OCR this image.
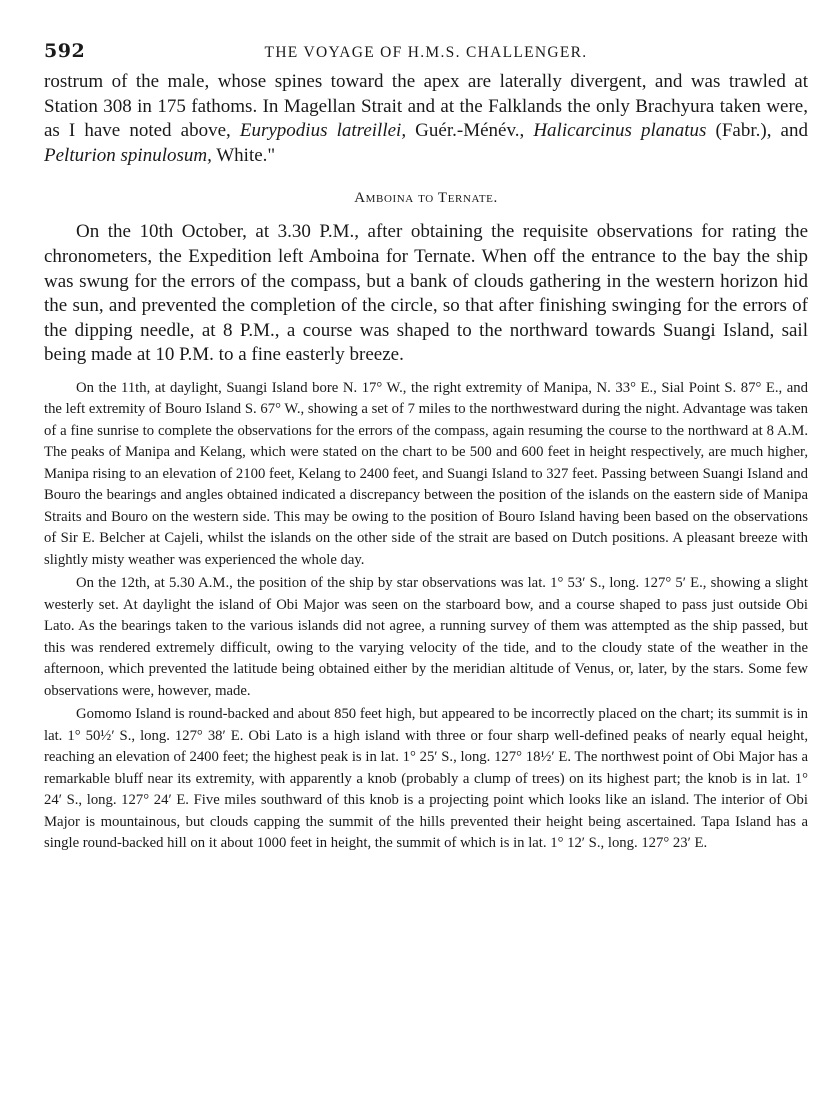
592	THE VOYAGE OF H.M.S. CHALLENGER.

rostrum of the male, whose spines toward the apex are laterally divergent, and was trawled at Station 308 in 175 fathoms. In Magellan Strait and at the Falklands the only Brachyura taken were, as I have noted above, Eurypodius latreillei, Guér.-Ménév., Halicarcinus planatus (Fabr.), and Pelturion spinulosum, White."

Amboina to Ternate.

On the 10th October, at 3.30 P.M., after obtaining the requisite observations for rating the chronometers, the Expedition left Amboina for Ternate. When off the entrance to the bay the ship was swung for the errors of the compass, but a bank of clouds gathering in the western horizon hid the sun, and prevented the completion of the circle, so that after finishing swinging for the errors of the dipping needle, at 8 P.M., a course was shaped to the northward towards Suangi Island, sail being made at 10 P.M. to a fine easterly breeze.

On the 11th, at daylight, Suangi Island bore N. 17° W., the right extremity of Manipa, N. 33° E., Sial Point S. 87° E., and the left extremity of Bouro Island S. 67° W., showing a set of 7 miles to the northwestward during the night. Advantage was taken of a fine sunrise to complete the observations for the errors of the compass, again resuming the course to the northward at 8 A.M. The peaks of Manipa and Kelang, which were stated on the chart to be 500 and 600 feet in height respectively, are much higher, Manipa rising to an elevation of 2100 feet, Kelang to 2400 feet, and Suangi Island to 327 feet. Passing between Suangi Island and Bouro the bearings and angles obtained indicated a discrepancy between the position of the islands on the eastern side of Manipa Straits and Bouro on the western side. This may be owing to the position of Bouro Island having been based on the observations of Sir E. Belcher at Cajeli, whilst the islands on the other side of the strait are based on Dutch positions. A pleasant breeze with slightly misty weather was experienced the whole day.

On the 12th, at 5.30 A.M., the position of the ship by star observations was lat. 1° 53′ S., long. 127° 5′ E., showing a slight westerly set. At daylight the island of Obi Major was seen on the starboard bow, and a course shaped to pass just outside Obi Lato. As the bearings taken to the various islands did not agree, a running survey of them was attempted as the ship passed, but this was rendered extremely difficult, owing to the varying velocity of the tide, and to the cloudy state of the weather in the afternoon, which prevented the latitude being obtained either by the meridian altitude of Venus, or, later, by the stars. Some few observations were, however, made.

Gomomo Island is round-backed and about 850 feet high, but appeared to be incorrectly placed on the chart; its summit is in lat. 1° 50½′ S., long. 127° 38′ E. Obi Lato is a high island with three or four sharp well-defined peaks of nearly equal height, reaching an elevation of 2400 feet; the highest peak is in lat. 1° 25′ S., long. 127° 18½′ E. The northwest point of Obi Major has a remarkable bluff near its extremity, with apparently a knob (probably a clump of trees) on its highest part; the knob is in lat. 1° 24′ S., long. 127° 24′ E. Five miles southward of this knob is a projecting point which looks like an island. The interior of Obi Major is mountainous, but clouds capping the summit of the hills prevented their height being ascertained. Tapa Island has a single round-backed hill on it about 1000 feet in height, the summit of which is in lat. 1° 12′ S., long. 127° 23′ E.
